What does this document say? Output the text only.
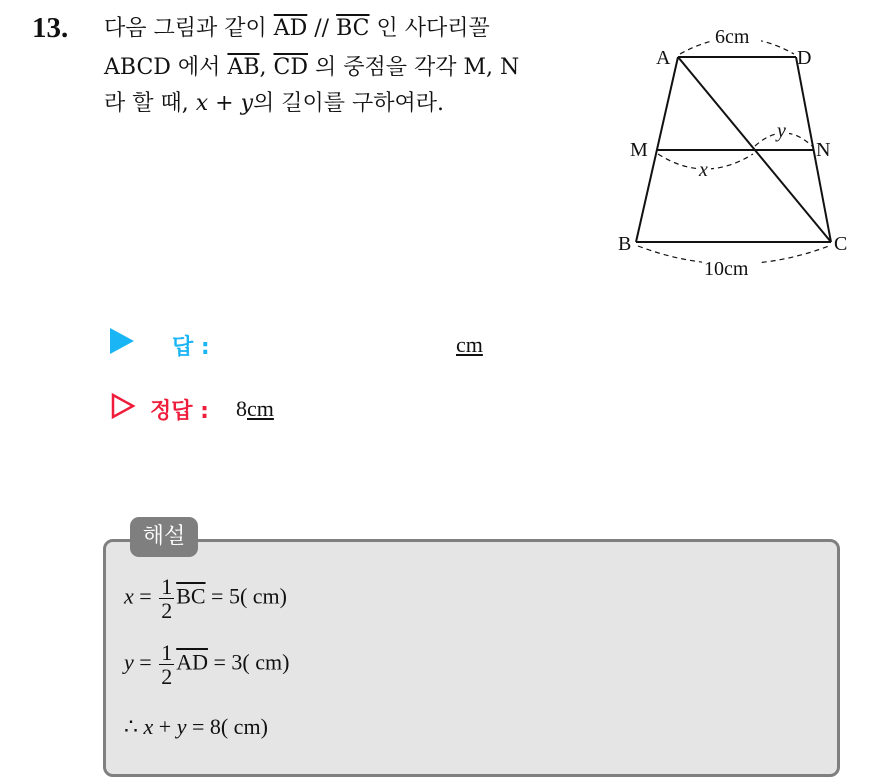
13. 다음 그림과 같이 $\overline{AD} // \overline{BC}$ 인 사다리꼴
ABCD 에서 $\overline{AB}$, $\overline{CD}$ 의 중점을 각각 M, N
라 할 때, x + y의 길이를 구하여라.
6cm
10cm
A	D
M	N
B	C
x
y
답 :	cm
정답 : 8cm
해설
$x = \frac{1}{2} \overline{BC} = 5$( cm)
$y = \frac{1}{2} \overline{AD} = 3$( cm)
∴ x + y = 8( cm)
